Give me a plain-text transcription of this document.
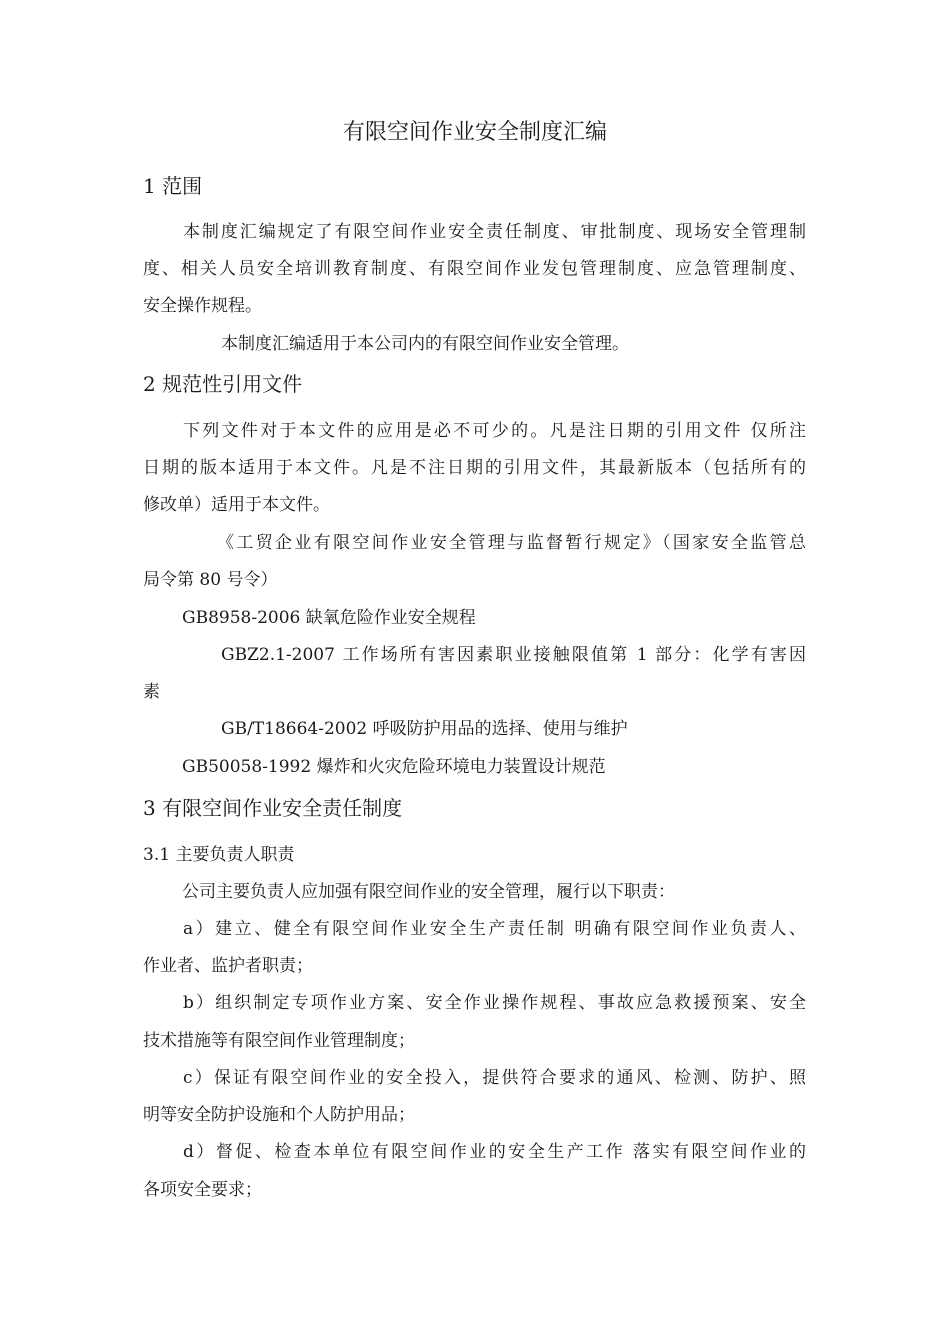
有限空间作业安全制度汇编
1 范围
本制度汇编规定了有限空间作业安全责任制度、审批制度、现场安全管理制
度、相关人员安全培训教育制度、有限空间作业发包管理制度、应急管理制度、
安全操作规程。
本制度汇编适用于本公司内的有限空间作业安全管理。
2 规范性引用文件
下列文件对于本文件的应用是必不可少的。凡是注日期的引用文件 仅所注
日期的版本适用于本文件。凡是不注日期的引用文件，其最新版本（包括所有的
修改单）适用于本文件。
《工贸企业有限空间作业安全管理与监督暂行规定》（国家安全监管总
局令第 80 号令）
GB8958-2006 缺氧危险作业安全规程
GBZ2.1-2007 工作场所有害因素职业接触限值第 1 部分：化学有害因
素
GB/T18664-2002 呼吸防护用品的选择、使用与维护
GB50058-1992 爆炸和火灾危险环境电力装置设计规范
3 有限空间作业安全责任制度
3.1 主要负责人职责
公司主要负责人应加强有限空间作业的安全管理，履行以下职责：
a）建立、健全有限空间作业安全生产责任制 明确有限空间作业负责人、
作业者、监护者职责；
b）组织制定专项作业方案、安全作业操作规程、事故应急救援预案、安全
技术措施等有限空间作业管理制度；
c）保证有限空间作业的安全投入，提供符合要求的通风、检测、防护、照
明等安全防护设施和个人防护用品；
d）督促、检查本单位有限空间作业的安全生产工作 落实有限空间作业的
各项安全要求；
